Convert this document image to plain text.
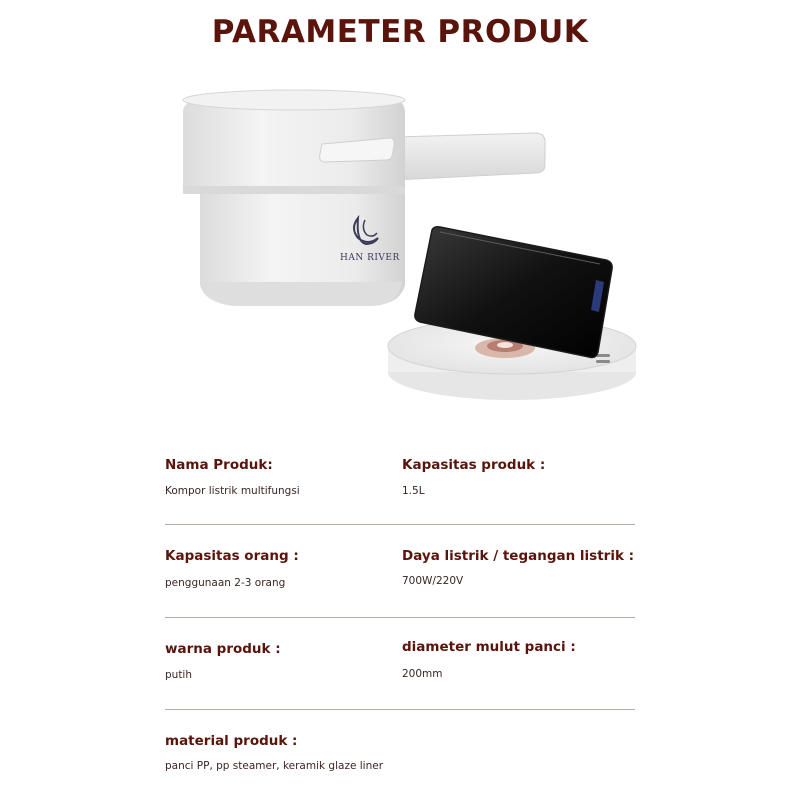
PARAMETER PRODUK
HAN RIVER
Nama Produk:
Kompor listrik multifungsi
Kapasitas produk :
1.5L
Kapasitas orang :
penggunaan 2-3 orang
Daya listrik / tegangan listrik :
700W/220V
warna produk :
putih
diameter mulut panci :
200mm
material produk :
panci PP, pp steamer, keramik glaze liner
